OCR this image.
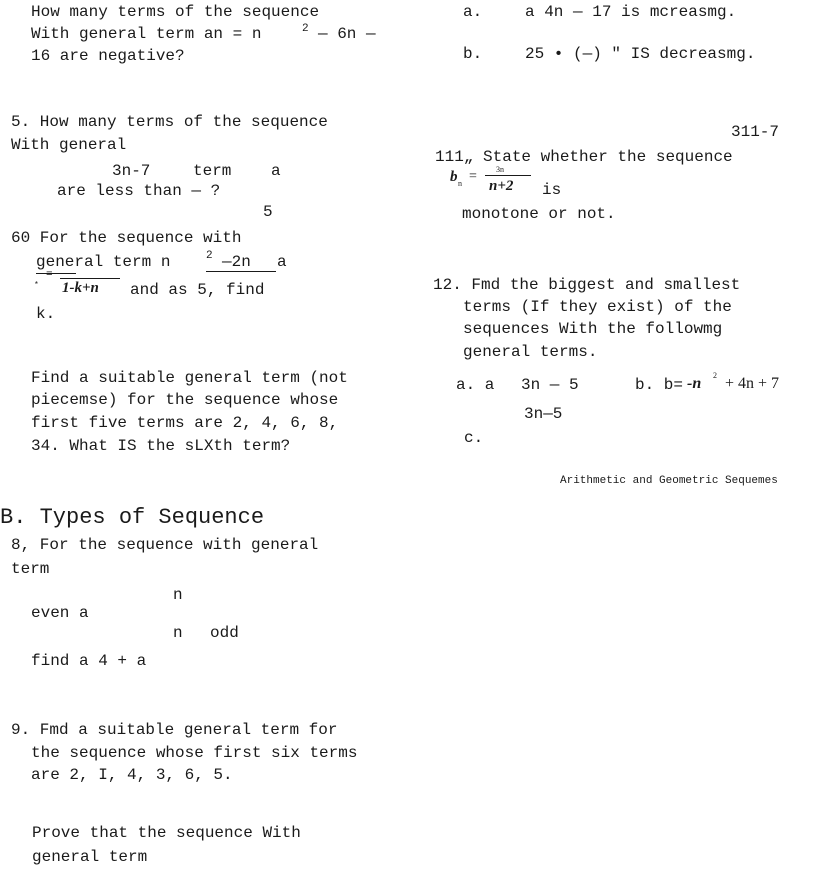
How many terms of the sequence
With general term an = n	2 — 6n —
16 are negative?
5. How many terms of the sequence
With general
3n-7	term a
are less than — ?
5
60 For the sequence with
general term n	2 —2n a
*
=
1-k+n and as 5, find
k.
Find a suitable general term (not
piecemse) for the sequence whose
first five terms are 2, 4, 6, 8,
34. What IS the sLXth term?
B. Types of Sequence
8, For the sequence with general
term
n
even a
n odd
find a 4 + a
9. Fmd a suitable general term for
the sequence whose first six terms
are 2, I, 4, 3, 6, 5.
Prove that the sequence With
general term
a.	a 4n — 17 is mcreasmg.
b.	25 • (—) " IS decreasmg.
311-7
111„ State whether the sequence
b n = 3n
n+2 is
monotone or not.
12. Fmd the biggest and smallest
terms (If they exist) of the
sequences With the followmg
general terms.
a. a 3n — 5	b. b= -n 2 + 4n + 7
3n—5
c.
Arithmetic and Geometric Sequemes
